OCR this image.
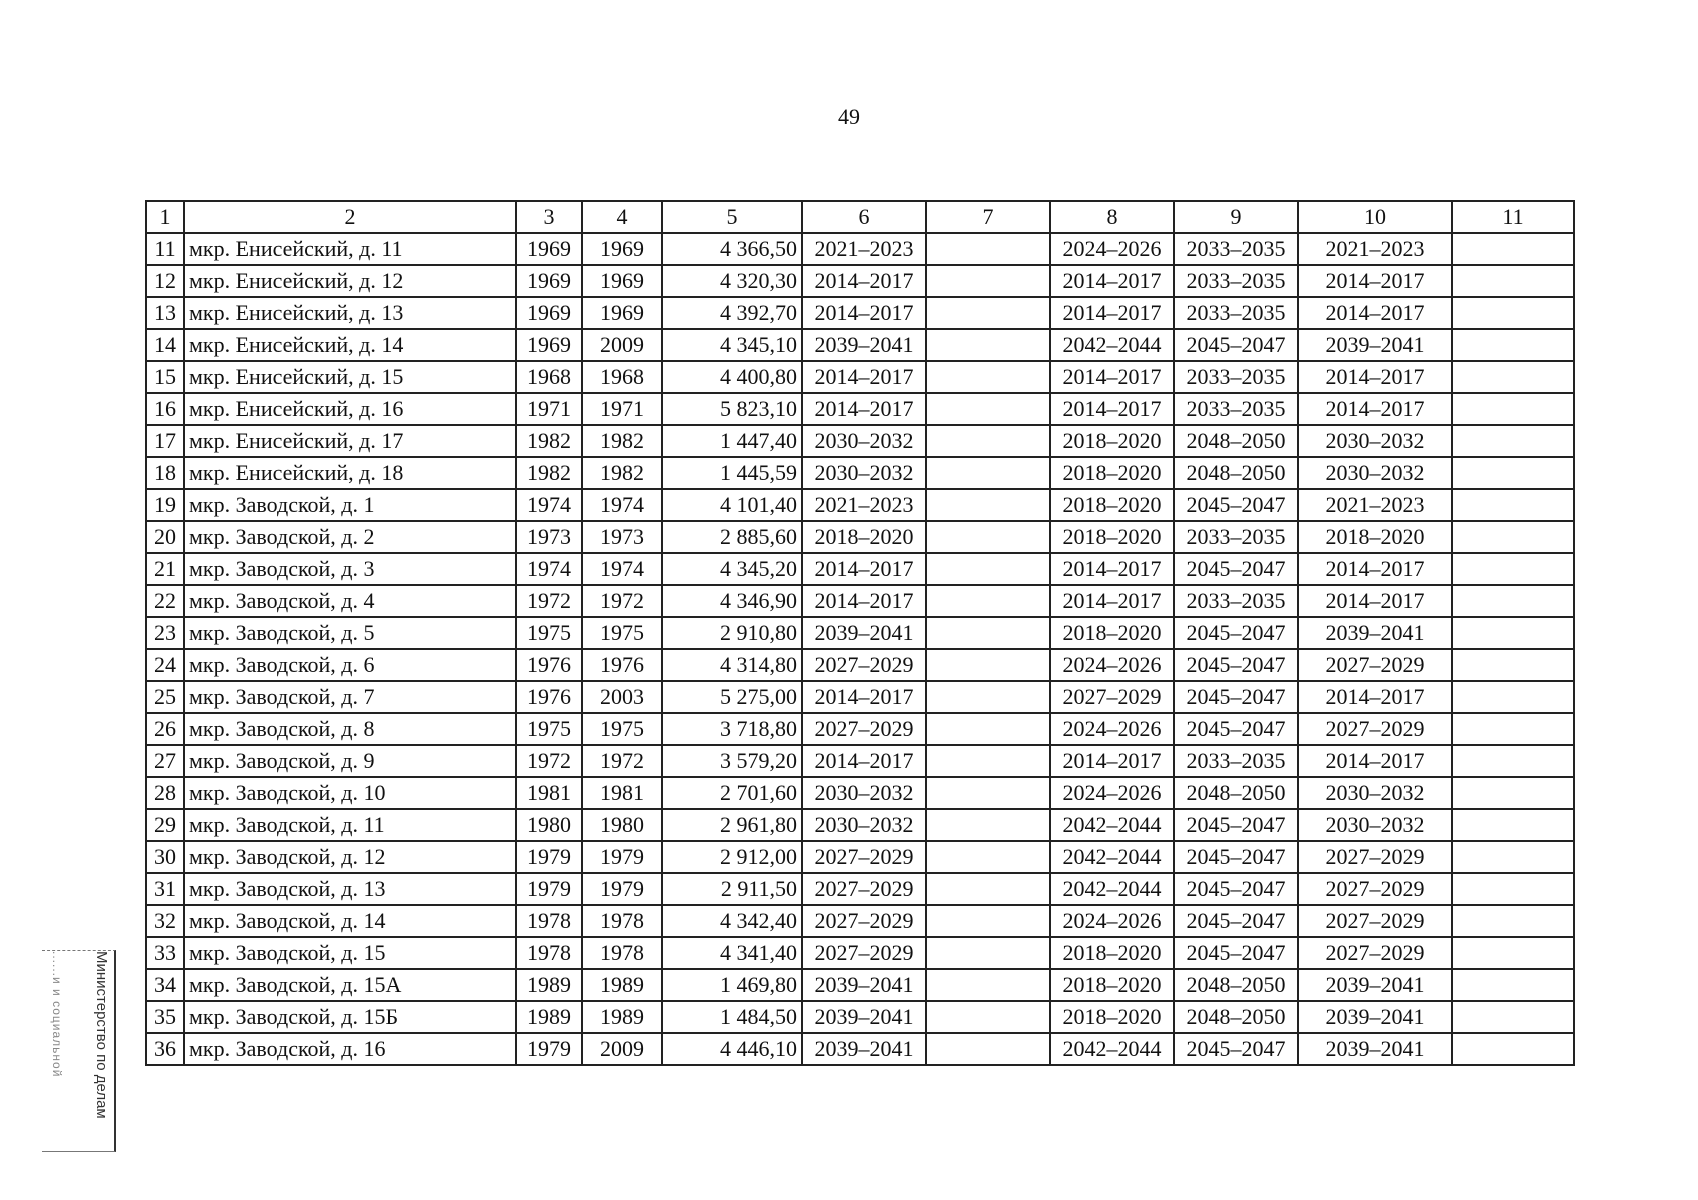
49
1	2	3	4	5	6	7	8	9	10	11
11	мкр. Енисейский, д. 11	1969	1969	4 366,50	2021–2023		2024–2026	2033–2035	2021–2023	
12	мкр. Енисейский, д. 12	1969	1969	4 320,30	2014–2017		2014–2017	2033–2035	2014–2017	
13	мкр. Енисейский, д. 13	1969	1969	4 392,70	2014–2017		2014–2017	2033–2035	2014–2017	
14	мкр. Енисейский, д. 14	1969	2009	4 345,10	2039–2041		2042–2044	2045–2047	2039–2041	
15	мкр. Енисейский, д. 15	1968	1968	4 400,80	2014–2017		2014–2017	2033–2035	2014–2017	
16	мкр. Енисейский, д. 16	1971	1971	5 823,10	2014–2017		2014–2017	2033–2035	2014–2017	
17	мкр. Енисейский, д. 17	1982	1982	1 447,40	2030–2032		2018–2020	2048–2050	2030–2032	
18	мкр. Енисейский, д. 18	1982	1982	1 445,59	2030–2032		2018–2020	2048–2050	2030–2032	
19	мкр. Заводской, д. 1	1974	1974	4 101,40	2021–2023		2018–2020	2045–2047	2021–2023	
20	мкр. Заводской, д. 2	1973	1973	2 885,60	2018–2020		2018–2020	2033–2035	2018–2020	
21	мкр. Заводской, д. 3	1974	1974	4 345,20	2014–2017		2014–2017	2045–2047	2014–2017	
22	мкр. Заводской, д. 4	1972	1972	4 346,90	2014–2017		2014–2017	2033–2035	2014–2017	
23	мкр. Заводской, д. 5	1975	1975	2 910,80	2039–2041		2018–2020	2045–2047	2039–2041	
24	мкр. Заводской, д. 6	1976	1976	4 314,80	2027–2029		2024–2026	2045–2047	2027–2029	
25	мкр. Заводской, д. 7	1976	2003	5 275,00	2014–2017		2027–2029	2045–2047	2014–2017	
26	мкр. Заводской, д. 8	1975	1975	3 718,80	2027–2029		2024–2026	2045–2047	2027–2029	
27	мкр. Заводской, д. 9	1972	1972	3 579,20	2014–2017		2014–2017	2033–2035	2014–2017	
28	мкр. Заводской, д. 10	1981	1981	2 701,60	2030–2032		2024–2026	2048–2050	2030–2032	
29	мкр. Заводской, д. 11	1980	1980	2 961,80	2030–2032		2042–2044	2045–2047	2030–2032	
30	мкр. Заводской, д. 12	1979	1979	2 912,00	2027–2029		2042–2044	2045–2047	2027–2029	
31	мкр. Заводской, д. 13	1979	1979	2 911,50	2027–2029		2042–2044	2045–2047	2027–2029	
32	мкр. Заводской, д. 14	1978	1978	4 342,40	2027–2029		2024–2026	2045–2047	2027–2029	
33	мкр. Заводской, д. 15	1978	1978	4 341,40	2027–2029		2018–2020	2045–2047	2027–2029	
34	мкр. Заводской, д. 15А	1989	1989	1 469,80	2039–2041		2018–2020	2048–2050	2039–2041	
35	мкр. Заводской, д. 15Б	1989	1989	1 484,50	2039–2041		2018–2020	2048–2050	2039–2041	
36	мкр. Заводской, д. 16	1979	2009	4 446,10	2039–2041		2042–2044	2045–2047	2039–2041	
Министерство по делам
......и и социальной
